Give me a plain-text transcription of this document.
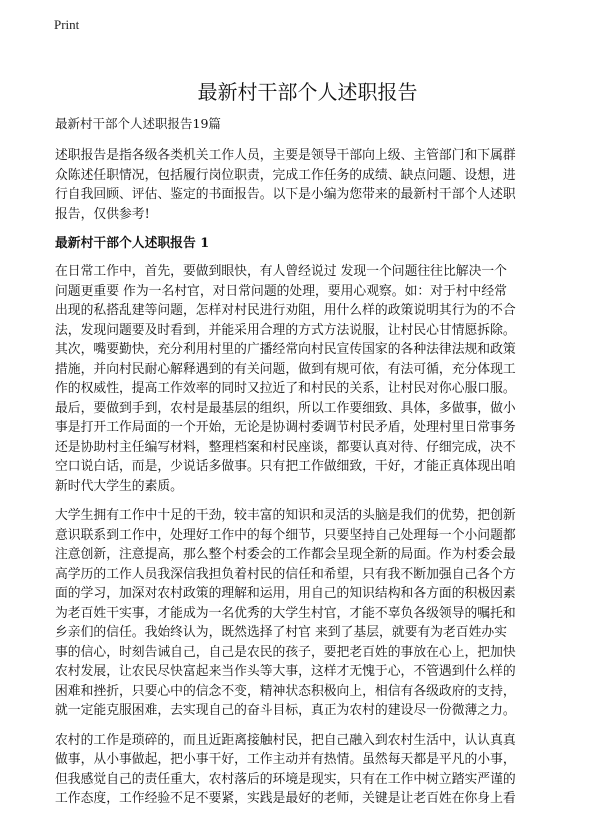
Print
最新村干部个人述职报告
最新村干部个人述职报告19篇
述职报告是指各级各类机关工作人员，主要是领导干部向上级、主管部门和下属群
众陈述任职情况，包括履行岗位职责，完成工作任务的成绩、缺点问题、设想，进
行自我回顾、评估、鉴定的书面报告。以下是小编为您带来的最新村干部个人述职
报告，仅供参考!
最新村干部个人述职报告 1
在日常工作中，首先，要做到眼快，有人曾经说过 发现一个问题往往比解决一个
问题更重要 作为一名村官，对日常问题的处理，要用心观察。如：对于村中经常
出现的私搭乱建等问题，怎样对村民进行劝阻，用什么样的政策说明其行为的不合
法，发现问题要及时看到，并能采用合理的方式方法说服，让村民心甘情愿拆除。
其次，嘴要勤快，充分利用村里的广播经常向村民宣传国家的各种法律法规和政策
措施，并向村民耐心解释遇到的有关问题，做到有规可依，有法可循，充分体现工
作的权威性，提高工作效率的同时又拉近了和村民的关系，让村民对你心服口服。
最后，要做到手到，农村是最基层的组织，所以工作要细致、具体，多做事，做小
事是打开工作局面的一个开始，无论是协调村委调节村民矛盾，处理村里日常事务
还是协助村主任编写材料，整理档案和村民座谈，都要认真对待、仔细完成，决不
空口说白话，而是，少说话多做事。只有把工作做细致，干好，才能正真体现出咱
新时代大学生的素质。
大学生拥有工作中十足的干劲，较丰富的知识和灵活的头脑是我们的优势，把创新
意识联系到工作中，处理好工作中的每个细节，只要坚持自己处理每一个小问题都
注意创新，注意提高，那么整个村委会的工作都会呈现全新的局面。作为村委会最
高学历的工作人员我深信我担负着村民的信任和希望，只有我不断加强自己各个方
面的学习，加深对农村政策的理解和运用，用自己的知识结构和各方面的积极因素
为老百姓干实事，才能成为一名优秀的大学生村官，才能不辜负各级领导的嘱托和
乡亲们的信任。我始终认为，既然选择了村官 来到了基层，就要有为老百姓办实
事的信心，时刻告诫自己，自己是农民的孩子，要把老百姓的事放在心上，把加快
农村发展，让农民尽快富起来当作头等大事，这样才无愧于心，不管遇到什么样的
困难和挫折，只要心中的信念不变，精神状态积极向上，相信有各级政府的支持，
就一定能克服困难，去实现自己的奋斗目标，真正为农村的建设尽一份微薄之力。
农村的工作是琐碎的，而且近距离接触村民，把自己融入到农村生活中，认认真真
做事，从小事做起，把小事干好，工作主动并有热情。虽然每天都是平凡的小事，
但我感觉自己的责任重大，农村落后的环境是现实，只有在工作中树立踏实严谨的
工作态度，工作经验不足不要紧，实践是最好的老师，关键是让老百姓在你身上看
